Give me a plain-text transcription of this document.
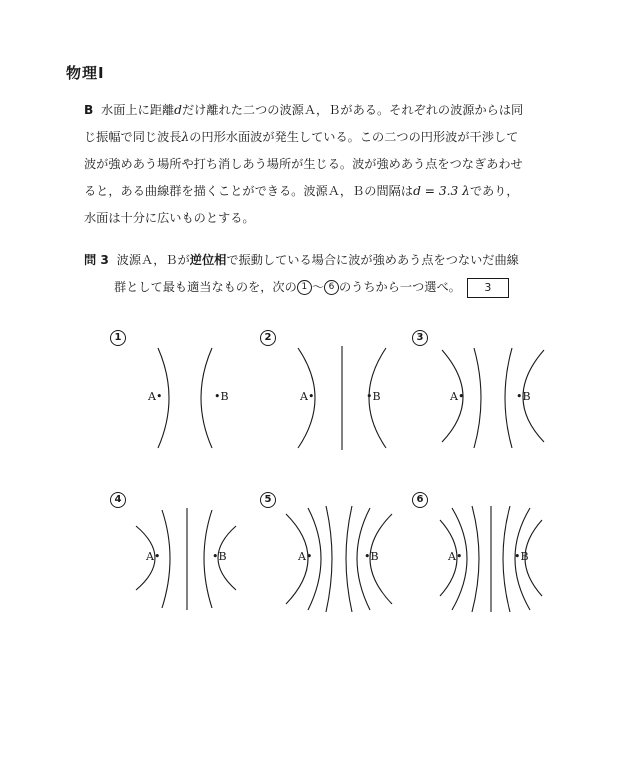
物理Ⅰ

B 水面上に距離dだけ離れた二つの波源Ａ，Ｂがある。それぞれの波源からは同

じ振幅で同じ波長λの円形水面波が発生している。この二つの円形波が干渉して

波が強めあう場所や打ち消しあう場所が生じる。波が強めあう点をつなぎあわせ

ると，ある曲線群を描くことができる。波源Ａ，Ｂの間隔はd = 3.3 λであり，

水面は十分に広いものとする。

問 3 波源Ａ，Ｂが逆位相で振動している場合に波が強めあう点をつないだ曲線

群として最も適当なものを，次の 1 〜 6 のうちから一つ選べ。 3

1
A•	•B
2
A•	•B
3
A•	•B
4
A•	•B
5
A•	•B
6
A•	•B
